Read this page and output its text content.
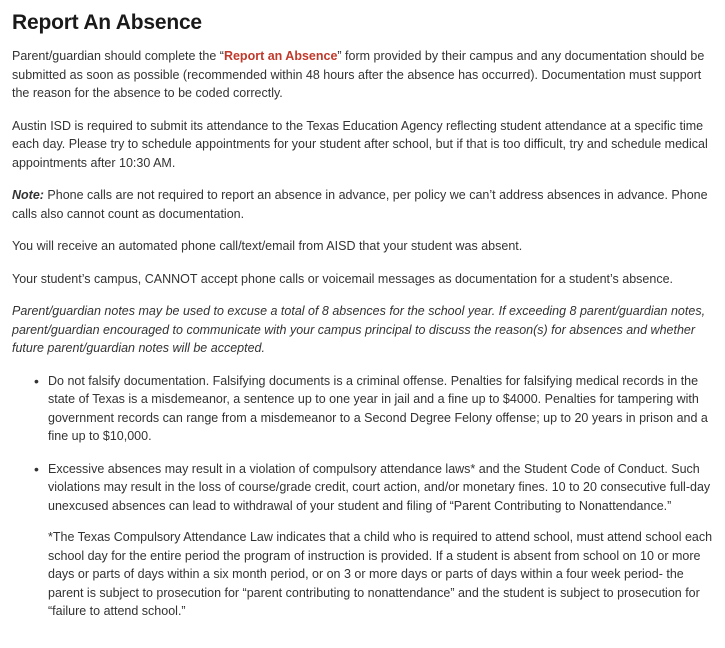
Report An Absence

Parent/guardian should complete the “Report an Absence” form provided by their campus and any documentation should be submitted as soon as possible (recommended within 48 hours after the absence has occurred). Documentation must support the reason for the absence to be coded correctly.

Austin ISD is required to submit its attendance to the Texas Education Agency reflecting student attendance at a specific time each day. Please try to schedule appointments for your student after school, but if that is too difficult, try and schedule medical appointments after 10:30 AM.

Note: Phone calls are not required to report an absence in advance, per policy we can’t address absences in advance. Phone calls also cannot count as documentation.

You will receive an automated phone call/text/email from AISD that your student was absent.

Your student’s campus, CANNOT accept phone calls or voicemail messages as documentation for a student’s absence.

Parent/guardian notes may be used to excuse a total of 8 absences for the school year. If exceeding 8 parent/guardian notes, parent/guardian encouraged to communicate with your campus principal to discuss the reason(s) for absences and whether future parent/guardian notes will be accepted.

• Do not falsify documentation. Falsifying documents is a criminal offense. Penalties for falsifying medical records in the state of Texas is a misdemeanor, a sentence up to one year in jail and a fine up to $4000. Penalties for tampering with government records can range from a misdemeanor to a Second Degree Felony offense; up to 20 years in prison and a fine up to $10,000.
• Excessive absences may result in a violation of compulsory attendance laws* and the Student Code of Conduct. Such violations may result in the loss of course/grade credit, court action, and/or monetary fines. 10 to 20 consecutive full-day unexcused absences can lead to withdrawal of your student and filing of “Parent Contributing to Nonattendance.”
*The Texas Compulsory Attendance Law indicates that a child who is required to attend school, must attend school each school day for the entire period the program of instruction is provided. If a student is absent from school on 10 or more days or parts of days within a six month period, or on 3 or more days or parts of days within a four week period- the parent is subject to prosecution for “parent contributing to nonattendance” and the student is subject to prosecution for “failure to attend school.”
